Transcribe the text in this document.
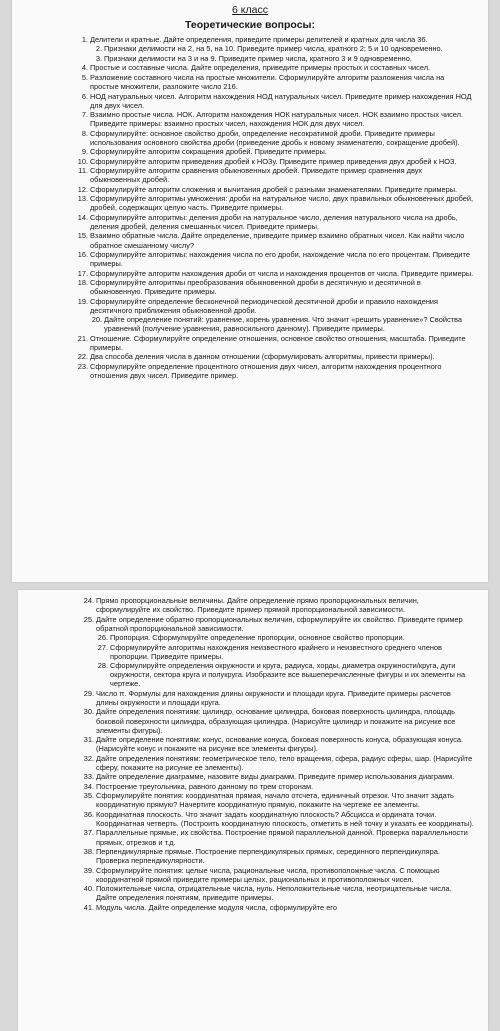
6 класс
Теоретические вопросы:
1. Делители и кратные. Дайте определения, приведите примеры делителей и кратных для числа 36.
2. Признаки делимости на 2, на 5, на 10. Приведите пример числа, кратного 2; 5 и 10 одновременно.
3. Признаки делимости на 3 и на 9. Приведите пример числа, кратного 3 и 9 одновременно.
4. Простые и составные числа. Дайте определения, приведите примеры простых и составных чисел.
5. Разложение составного числа на простые множители. Сформулируйте алгоритм разложения числа на простые множители, разложите число 216.
6. НОД натуральных чисел. Алгоритм нахождения НОД натуральных чисел. Приведите пример нахождения НОД для двух чисел.
7. Взаимно простые числа. НОК. Алгоритм нахождения НОК натуральных чисел. НОК взаимно простых чисел. Приведите примеры: взаимно простых чисел, нахождения НОК для двух чисел.
8. Сформулируйте: основное свойство дроби, определение несократимой дроби. Приведите примеры использования основного свойства дроби (приведение дробь к новому знаменателю, сокращение дробей).
9. Сформулируйте алгоритм сокращения дробей. Приведите примеры.
10. Сформулируйте алгоритм приведения дробей к НОЗу. Приведите пример приведения двух дробей к НОЗ.
11. Сформулируйте алгоритм сравнения обыкновенных дробей. Приведите пример сравнения двух обыкновенных дробей.
12. Сформулируйте алгоритм сложения и вычитания дробей с разными знаменателями. Приведите примеры.
13. Сформулируйте алгоритмы умножения: дроби на натуральное число, двух правильных обыкновенных дробей, дробей, содержащих целую часть. Приведите примеры.
14. Сформулируйте алгоритмы: деления дроби на натуральное число, деления натурального числа на дробь, деления дробей, деления смешанных чисел. Приведите примеры.
15. Взаимно обратные числа. Дайте определение, приведите пример взаимно обратных чисел. Как найти число обратное смешанному числу?
16. Сформулируйте алгоритмы: нахождения числа по его дроби, нахождение числа по его процентам. Приведите примеры.
17. Сформулируйте алгоритм нахождения дроби от числа и нахождения процентов от числа. Приведите примеры.
18. Сформулируйте алгоритмы преобразования обыкновенной дроби в десятичную и десятичной в обыкновенную. Приведите примеры.
19. Сформулируйте определение бесконечной периодической десятичной дроби и правило нахождения десятичного приближения обыкновенной дроби.
20. Дайте определение понятий: уравнение, корень уравнения. Что значит «решить уравнение»? Свойства уравнений (получение уравнения, равносильного данному). Приведите примеры.
21. Отношение. Сформулируйте определение отношения, основное свойство отношения, масштаба. Приведите примеры.
22. Два способа деления числа в данном отношении (сформулировать алгоритмы, привести примеры).
23. Сформулируйте определение процентного отношения двух чисел, алгоритм нахождения процентного отношения двух чисел. Приведите пример.
24. Прямо пропорциональные величины. Дайте определение прямо пропорциональных величин, сформулируйте их свойство. Приведите пример прямой пропорциональной зависимости.
25. Дайте определение обратно пропорциональных величин, сформулируйте их свойство. Приведите пример обратной пропорциональной зависимости.
26. Пропорция. Сформулируйте определение пропорции, основное свойство пропорции.
27. Сформулируйте алгоритмы нахождения неизвестного крайнего и неизвестного среднего членов пропорции. Приведите примеры.
28. Сформулируйте определения окружности и круга, радиуса, хорды, диаметра окружности/круга, дуги окружности, сектора круга и полукруга. Изобразите все вышеперечисленные фигуры и их элементы на чертеже.
29. Число π. Формулы для нахождения длины окружности и площади круга. Приведите примеры расчетов длины окружности и площади круга.
30. Дайте определения понятиям: цилиндр, основание цилиндра, боковая поверхность цилиндра, площадь боковой поверхности цилиндра, образующая цилиндра. (Нарисуйте цилиндр и покажите на рисунке все элементы фигуры).
31. Дайте определение понятиям: конус, основание конуса, боковая поверхность конуса, образующая конуса. (Нарисуйте конус и покажите на рисунке все элементы фигуры).
32. Дайте определения понятиям: геометрическое тело, тело вращения, сфера, радиус сферы, шар. (Нарисуйте сферу, покажите на рисунке ее элементы).
33. Дайте определение диаграмме, назовите виды диаграмм. Приведите пример использования диаграмм.
34. Построение треугольника, равного данному по трем сторонам.
35. Сформулируйте понятия: координатная прямая, начало отсчета, единичный отрезок. Что значит задать координатную прямую? Начертите координатную прямую, покажите на чертеже ее элементы.
36. Координатная плоскость. Что значит задать координатную плоскость? Абсцисса и ордината точки. Координатная четверть. (Построить координатную плоскость, отметить в ней точку и указать ее координаты).
37. Параллельные прямые, их свойства. Построение прямой параллельной данной. Проверка параллельности прямых, отрезков и т.д.
38. Перпендикулярные прямые. Построение перпендикулярных прямых, серединного перпендикуляра. Проверка перпендикулярности.
39. Сформулируйте понятия: целые числа, рациональные числа, противоположные числа. С помощью координатной прямой приведите примеры целых, рациональных и противоположных чисел.
40. Положительные числа, отрицательные числа, нуль. Неположительные числа, неотрицательные числа. Дайте определения понятиям, приведите примеры.
41. Модуль числа. Дайте определение модуля числа, сформулируйте его
